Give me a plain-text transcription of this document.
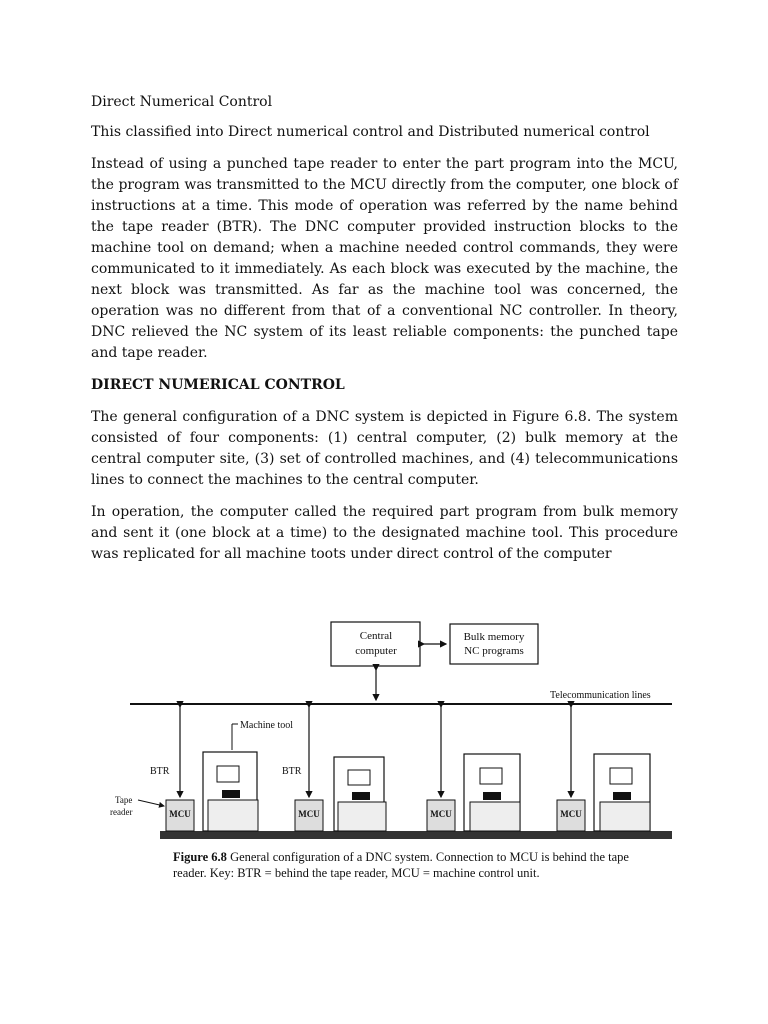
Direct Numerical Control

This classified into Direct numerical control and Distributed numerical control

Instead of using a punched tape reader to enter the part program into the MCU, the program was transmitted to the MCU directly from the computer, one block of instructions at a time. This mode of operation was referred by the name behind the tape reader (BTR). The DNC computer provided instruction blocks to the machine tool on demand; when a machine needed control commands, they were communicated to it immediately. As each block was executed by the machine, the next block was transmitted. As far as the machine tool was concerned, the operation was no different from that of a conventional NC controller. In theory, DNC relieved the NC system of its least reliable components: the punched tape and tape reader.

DIRECT NUMERICAL CONTROL

The general configuration of a DNC system is depicted in Figure 6.8. The system consisted of four components: (1) central computer, (2) bulk memory at the central computer site, (3) set of controlled machines, and (4) telecommunications lines to connect the machines to the central computer.

In operation, the computer called the required part program from bulk memory and sent it (one block at a time) to the designated machine tool. This procedure was replicated for all machine toots under direct control of the computer

Central
computer
Bulk memory
NC programs
Telecommunication lines
MCU
Machine tool
BTR
Tape
reader	MCU
BTR
MCU	MCU
Figure 6.8 General configuration of a DNC system. Connection to MCU is behind the tape reader. Key: BTR = behind the tape reader, MCU = machine control unit.
